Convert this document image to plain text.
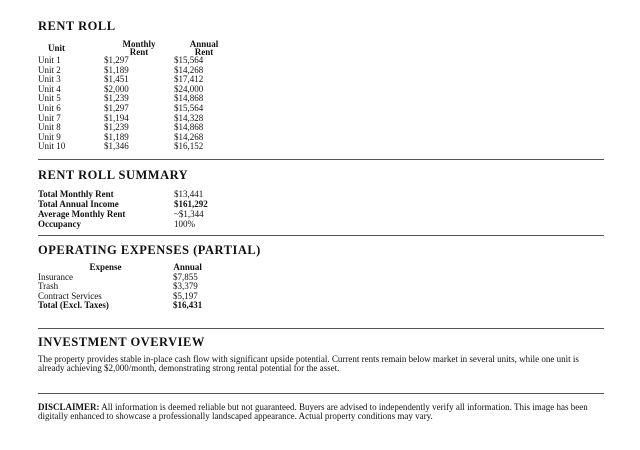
RENT ROLL
Unit	Monthly	Annual
	Rent	Rent
Unit 1	$1,297	$15,564
Unit 2	$1,189	$14,268
Unit 3	$1,451	$17,412
Unit 4	$2,000	$24,000
Unit 5	$1,239	$14,868
Unit 6	$1,297	$15,564
Unit 7	$1,194	$14,328
Unit 8	$1,239	$14,868
Unit 9	$1,189	$14,268
Unit 10	$1,346	$16,152
RENT ROLL SUMMARY
Total Monthly Rent	$13,441
Total Annual Income	$161,292
Average Monthly Rent	~$1,344
Occupancy	100%
OPERATING EXPENSES (PARTIAL)
Expense	Annual
Insurance	$7,855
Trash	$3,379
Contract Services	$5,197
Total (Excl. Taxes)	$16,431
INVESTMENT OVERVIEW

The property provides stable in-place cash flow with significant upside potential. Current rents remain below market in several units, while one unit is already achieving $2,000/month, demonstrating strong rental potential for the asset.

DISCLAIMER: All information is deemed reliable but not guaranteed. Buyers are advised to independently verify all information. This image has been digitally enhanced to showcase a professionally landscaped appearance. Actual property conditions may vary.
